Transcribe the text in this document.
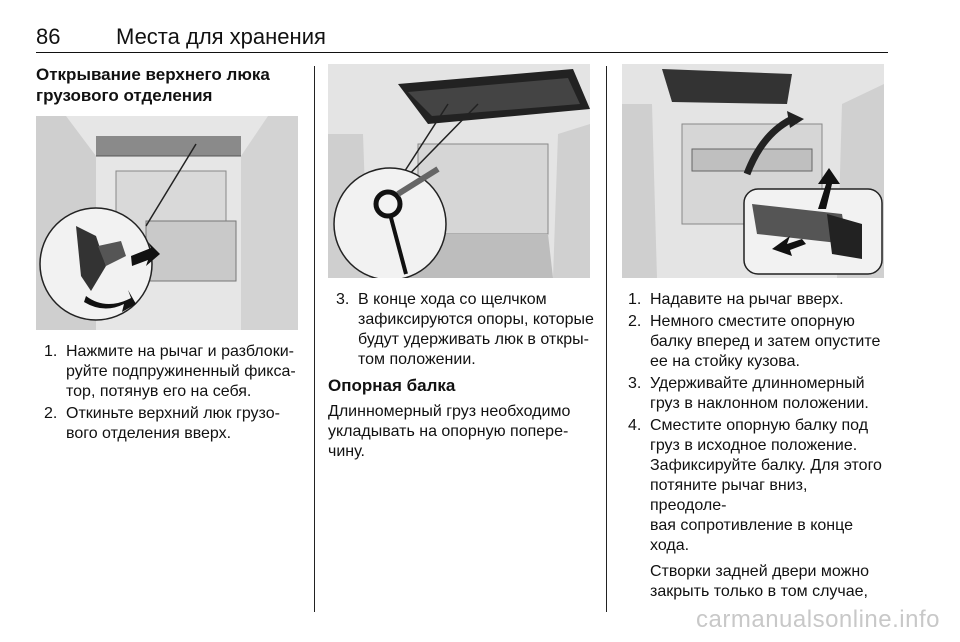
86	Места для хранения
Открывание верхнего люка
грузового отделения
1. Нажмите на рычаг и разблоки-
руйте подпружиненный фикса-
тор, потянув его на себя.
2. Откиньте верхний люк грузо-
вого отделения вверх.
3. В конце хода со щелчком
зафиксируются опоры, которые
будут удерживать люк в откры-
том положении.
Опорная балка

Длинномерный груз необходимо
укладывать на опорную попере-
чину.

1. Надавите на рычаг вверх.
2. Немного сместите опорную
балку вперед и затем опустите
ее на стойку кузова.
3. Удерживайте длинномерный
груз в наклонном положении.
4. Сместите опорную балку под
груз в исходное положение.
Зафиксируйте балку. Для этого
потяните рычаг вниз, преодоле-
вая сопротивление в конце
хода.
Створки задней двери можно
закрыть только в том случае,
carmanualsonline.info
